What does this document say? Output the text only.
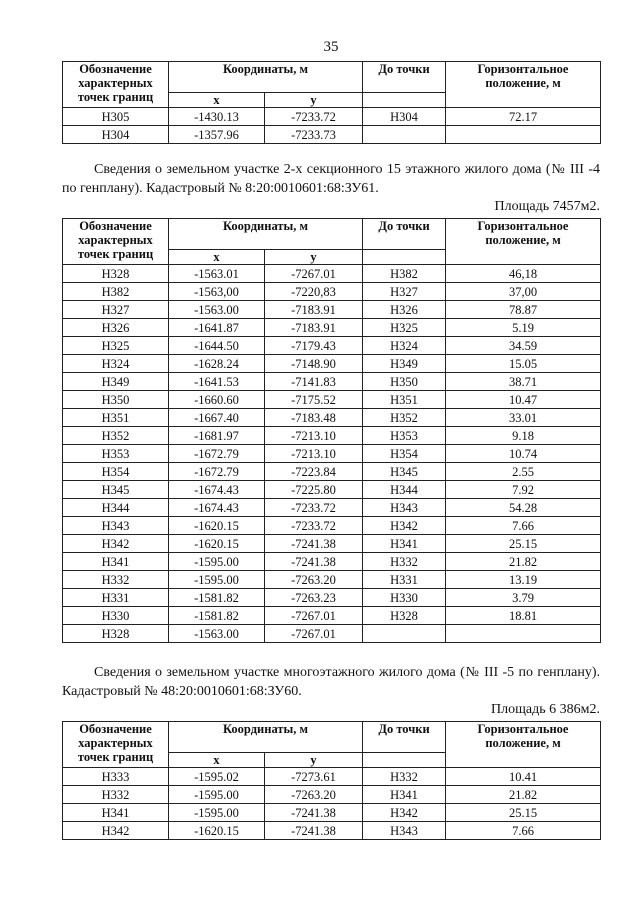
35
Обозначение характерных точек границ	Координаты, м		До точки	Горизонтальное положение, м
	x	y		
Н305	-1430.13	-7233.72	Н304	72.17
Н304	-1357.96	-7233.73		

Сведения о земельном участке 2-х секционного 15 этажного жилого дома (№ III -4 по генплану). Кадастровый № 8:20:0010601:68:ЗУ61.

Площадь 7457м2.

Обозначение характерных точек границ	Координаты, м		До точки	Горизонтальное положение, м
	x	y		
Н328	-1563.01	-7267.01	Н382	46,18
Н382	-1563,00	-7220,83	Н327	37,00
Н327	-1563.00	-7183.91	Н326	78.87
Н326	-1641.87	-7183.91	Н325	5.19
Н325	-1644.50	-7179.43	Н324	34.59
Н324	-1628.24	-7148.90	Н349	15.05
Н349	-1641.53	-7141.83	Н350	38.71
Н350	-1660.60	-7175.52	Н351	10.47
Н351	-1667.40	-7183.48	Н352	33.01
Н352	-1681.97	-7213.10	Н353	9.18
Н353	-1672.79	-7213.10	Н354	10.74
Н354	-1672.79	-7223.84	Н345	2.55
Н345	-1674.43	-7225.80	Н344	7.92
Н344	-1674.43	-7233.72	Н343	54.28
Н343	-1620.15	-7233.72	Н342	7.66
Н342	-1620.15	-7241.38	Н341	25.15
Н341	-1595.00	-7241.38	Н332	21.82
Н332	-1595.00	-7263.20	Н331	13.19
Н331	-1581.82	-7263.23	Н330	3.79
Н330	-1581.82	-7267.01	Н328	18.81
Н328	-1563.00	-7267.01		

Сведения о земельном участке многоэтажного жилого дома (№ III -5 по генплану). Кадастровый № 48:20:0010601:68:ЗУ60.

Площадь 6 386м2.

Обозначение характерных точек границ	Координаты, м		До точки	Горизонтальное положение, м
	x	y		
Н333	-1595.02	-7273.61	Н332	10.41
Н332	-1595.00	-7263.20	Н341	21.82
Н341	-1595.00	-7241.38	Н342	25.15
Н342	-1620.15	-7241.38	Н343	7.66
